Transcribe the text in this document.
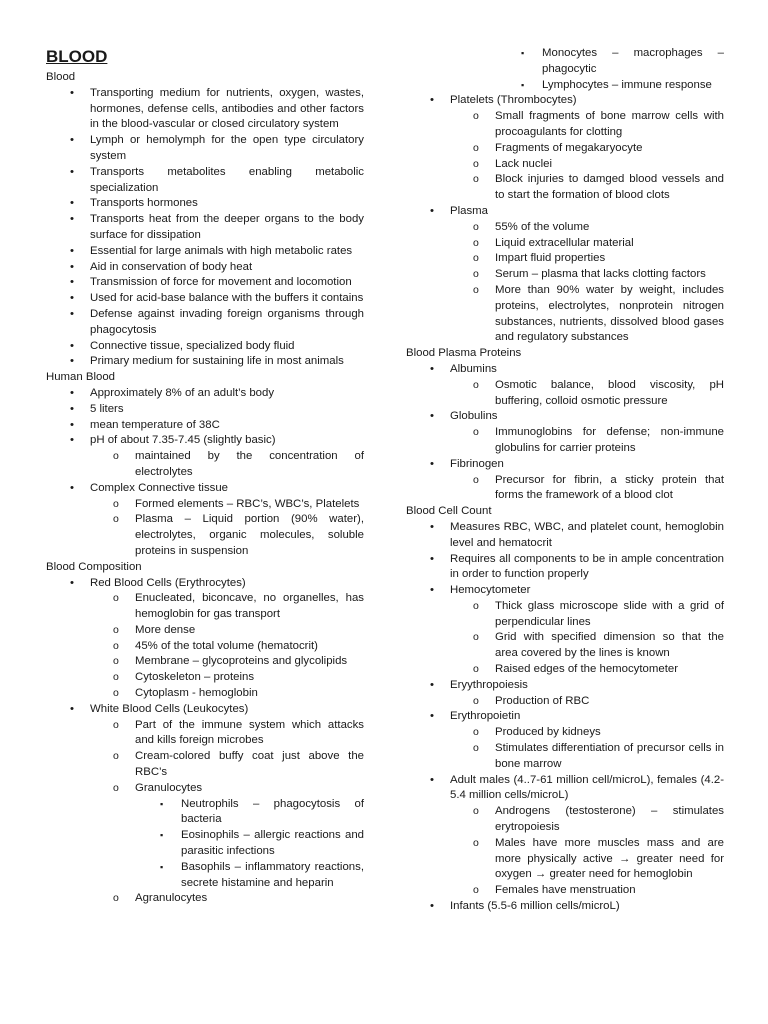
BLOOD
Blood
• Transporting medium for nutrients, oxygen, wastes, hormones, defense cells, antibodies and other factors in the blood-vascular or closed circulatory system
• Lymph or hemolymph for the open type circulatory system
• Transports metabolites enabling metabolic specialization
• Transports hormones
• Transports heat from the deeper organs to the body surface for dissipation
• Essential for large animals with high metabolic rates
• Aid in conservation of body heat
• Transmission of force for movement and locomotion
• Used for acid-base balance with the buffers it contains
• Defense against invading foreign organisms through phagocytosis
• Connective tissue, specialized body fluid
• Primary medium for sustaining life in most animals
Human Blood
• Approximately 8% of an adult’s body
• 5 liters
• mean temperature of 38C
• pH of about 7.35-7.45 (slightly basic)
o maintained by the concentration of electrolytes
• Complex Connective tissue
o Formed elements – RBC’s, WBC’s, Platelets
o Plasma – Liquid portion (90% water), electrolytes, organic molecules, soluble proteins in suspension
Blood Composition
• Red Blood Cells (Erythrocytes)
o Enucleated, biconcave, no organelles, has hemoglobin for gas transport
o More dense
o 45% of the total volume (hematocrit)
o Membrane – glycoproteins and glycolipids
o Cytoskeleton – proteins
o Cytoplasm - hemoglobin
• White Blood Cells (Leukocytes)
o Part of the immune system which attacks and kills foreign microbes
o Cream-colored buffy coat just above the RBC’s
o Granulocytes
▪ Neutrophils – phagocytosis of bacteria
▪ Eosinophils – allergic reactions and parasitic infections
▪ Basophils – inflammatory reactions, secrete histamine and heparin
o Agranulocytes
▪ Monocytes – macrophages – phagocytic
▪ Lymphocytes – immune response
• Platelets (Thrombocytes)
o Small fragments of bone marrow cells with procoagulants for clotting
o Fragments of megakaryocyte
o Lack nuclei
o Block injuries to damged blood vessels and to start the formation of blood clots
• Plasma
o 55% of the volume
o Liquid extracellular material
o Impart fluid properties
o Serum – plasma that lacks clotting factors
o More than 90% water by weight, includes proteins, electrolytes, nonprotein nitrogen substances, nutrients, dissolved blood gases and regulatory substances
Blood Plasma Proteins
• Albumins
o Osmotic balance, blood viscosity, pH buffering, colloid osmotic pressure
• Globulins
o Immunoglobins for defense; non-immune globulins for carrier proteins
• Fibrinogen
o Precursor for fibrin, a sticky protein that forms the framework of a blood clot
Blood Cell Count
• Measures RBC, WBC, and platelet count, hemoglobin level and hematocrit
• Requires all components to be in ample concentration in order to function properly
• Hemocytometer
o Thick glass microscope slide with a grid of perpendicular lines
o Grid with specified dimension so that the area covered by the lines is known
o Raised edges of the hemocytometer
• Eryythropoiesis
o Production of RBC
• Erythropoietin
o Produced by kidneys
o Stimulates differentiation of precursor cells in bone marrow
• Adult males (4..7-61 million cell/microL), females (4.2-5.4 million cells/microL)
o Androgens (testosterone) – stimulates erytropoiesis
o Males have more muscles mass and are more physically active → greater need for oxygen → greater need for hemoglobin
o Females have menstruation
• Infants (5.5-6 million cells/microL)
